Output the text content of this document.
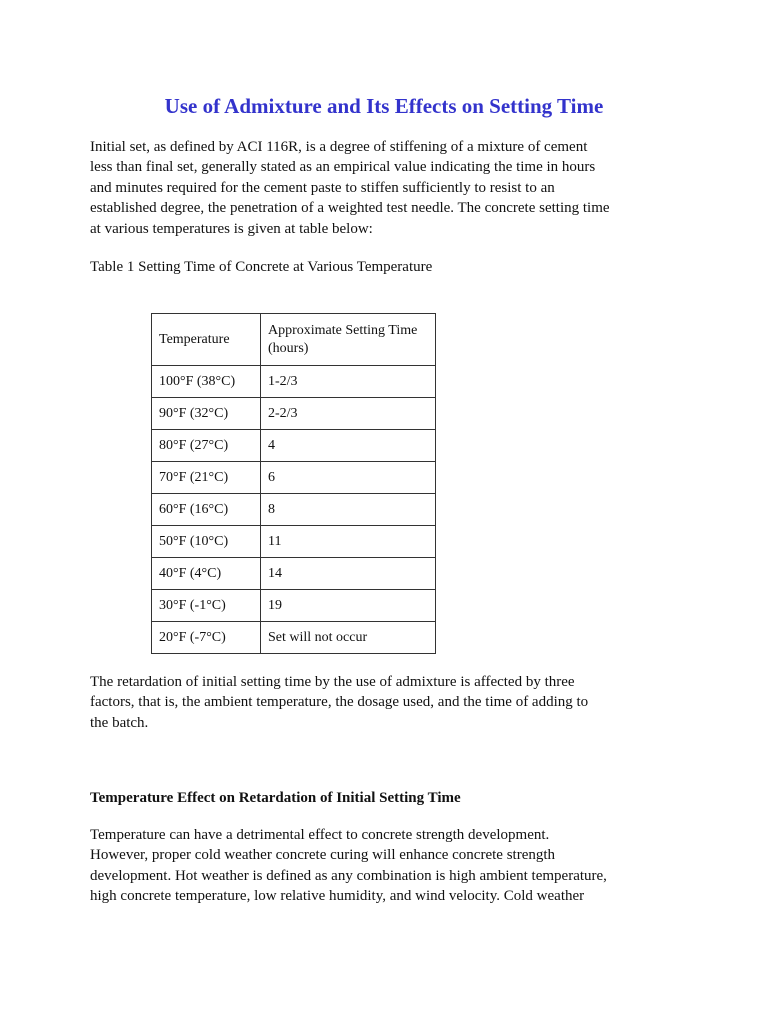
Use of Admixture and Its Effects on Setting Time

Initial set, as defined by ACI 116R, is a degree of stiffening of a mixture of cement
less than final set, generally stated as an empirical value indicating the time in hours
and minutes required for the cement paste to stiffen sufficiently to resist to an
established degree, the penetration of a weighted test needle. The concrete setting time
at various temperatures is given at table below:

Table 1 Setting Time of Concrete at Various Temperature

Temperature	Approximate Setting Time (hours)
100°F (38°C)	1-2/3
90°F (32°C)	2-2/3
80°F (27°C)	4
70°F (21°C)	6
60°F (16°C)	8
50°F (10°C)	11
40°F (4°C)	14
30°F (-1°C)	19
20°F (-7°C)	Set will not occur

The retardation of initial setting time by the use of admixture is affected by three
factors, that is, the ambient temperature, the dosage used, and the time of adding to
the batch.

Temperature Effect on Retardation of Initial Setting Time

Temperature can have a detrimental effect to concrete strength development.
However, proper cold weather concrete curing will enhance concrete strength
development. Hot weather is defined as any combination is high ambient temperature,
high concrete temperature, low relative humidity, and wind velocity. Cold weather
